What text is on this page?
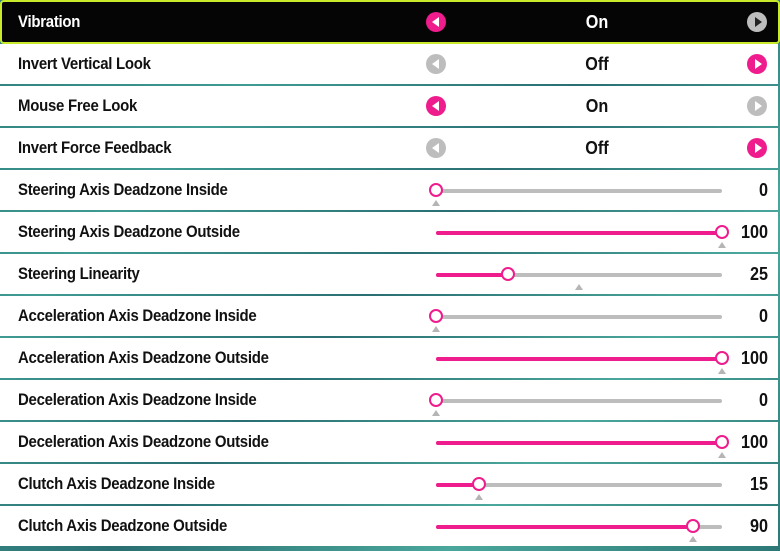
Vibration	On
Invert Vertical Look	Off
Mouse Free Look	On
Invert Force Feedback	Off
Steering Axis Deadzone Inside	0
Steering Axis Deadzone Outside	100
Steering Linearity	25
Acceleration Axis Deadzone Inside	0
Acceleration Axis Deadzone Outside	100
Deceleration Axis Deadzone Inside	0
Deceleration Axis Deadzone Outside	100
Clutch Axis Deadzone Inside	15
Clutch Axis Deadzone Outside	90
